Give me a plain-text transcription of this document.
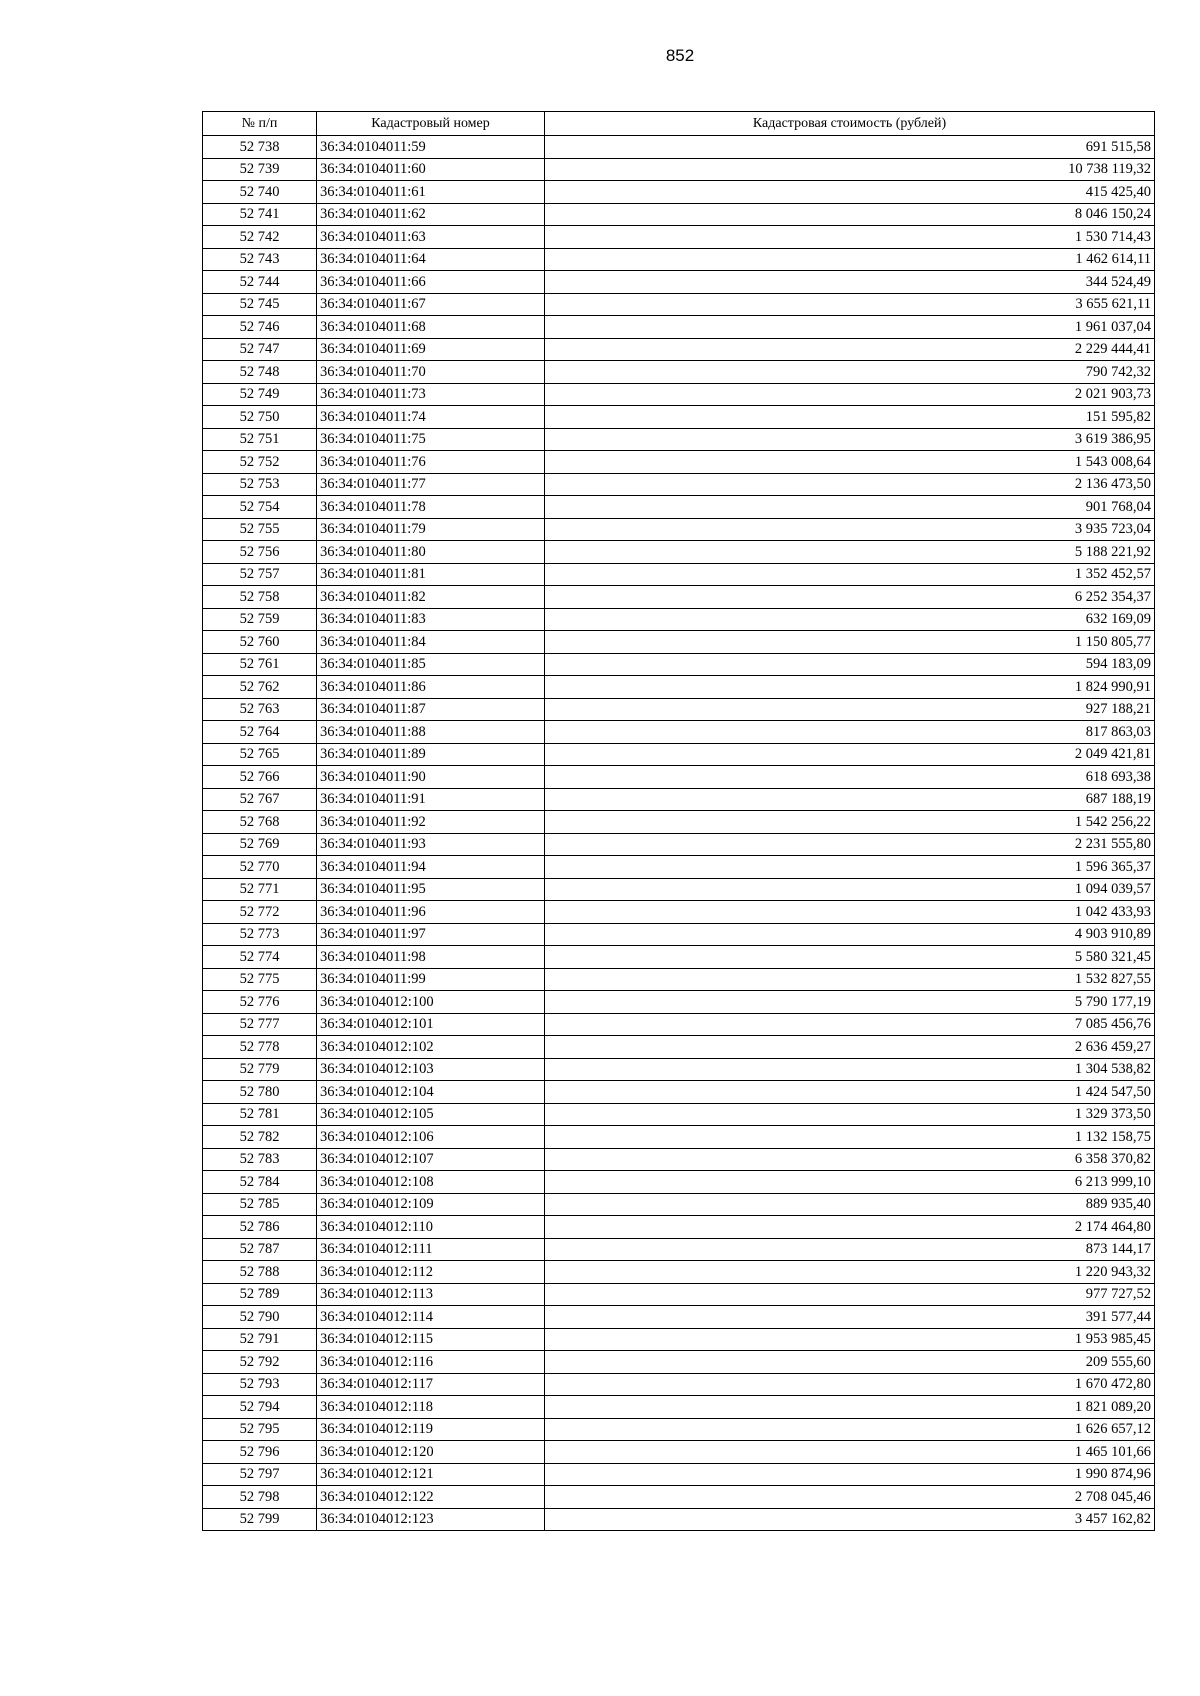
852
№ п/п	Кадастровый номер	Кадастровая стоимость (рублей)
52 738	36:34:0104011:59	691 515,58
52 739	36:34:0104011:60	10 738 119,32
52 740	36:34:0104011:61	415 425,40
52 741	36:34:0104011:62	8 046 150,24
52 742	36:34:0104011:63	1 530 714,43
52 743	36:34:0104011:64	1 462 614,11
52 744	36:34:0104011:66	344 524,49
52 745	36:34:0104011:67	3 655 621,11
52 746	36:34:0104011:68	1 961 037,04
52 747	36:34:0104011:69	2 229 444,41
52 748	36:34:0104011:70	790 742,32
52 749	36:34:0104011:73	2 021 903,73
52 750	36:34:0104011:74	151 595,82
52 751	36:34:0104011:75	3 619 386,95
52 752	36:34:0104011:76	1 543 008,64
52 753	36:34:0104011:77	2 136 473,50
52 754	36:34:0104011:78	901 768,04
52 755	36:34:0104011:79	3 935 723,04
52 756	36:34:0104011:80	5 188 221,92
52 757	36:34:0104011:81	1 352 452,57
52 758	36:34:0104011:82	6 252 354,37
52 759	36:34:0104011:83	632 169,09
52 760	36:34:0104011:84	1 150 805,77
52 761	36:34:0104011:85	594 183,09
52 762	36:34:0104011:86	1 824 990,91
52 763	36:34:0104011:87	927 188,21
52 764	36:34:0104011:88	817 863,03
52 765	36:34:0104011:89	2 049 421,81
52 766	36:34:0104011:90	618 693,38
52 767	36:34:0104011:91	687 188,19
52 768	36:34:0104011:92	1 542 256,22
52 769	36:34:0104011:93	2 231 555,80
52 770	36:34:0104011:94	1 596 365,37
52 771	36:34:0104011:95	1 094 039,57
52 772	36:34:0104011:96	1 042 433,93
52 773	36:34:0104011:97	4 903 910,89
52 774	36:34:0104011:98	5 580 321,45
52 775	36:34:0104011:99	1 532 827,55
52 776	36:34:0104012:100	5 790 177,19
52 777	36:34:0104012:101	7 085 456,76
52 778	36:34:0104012:102	2 636 459,27
52 779	36:34:0104012:103	1 304 538,82
52 780	36:34:0104012:104	1 424 547,50
52 781	36:34:0104012:105	1 329 373,50
52 782	36:34:0104012:106	1 132 158,75
52 783	36:34:0104012:107	6 358 370,82
52 784	36:34:0104012:108	6 213 999,10
52 785	36:34:0104012:109	889 935,40
52 786	36:34:0104012:110	2 174 464,80
52 787	36:34:0104012:111	873 144,17
52 788	36:34:0104012:112	1 220 943,32
52 789	36:34:0104012:113	977 727,52
52 790	36:34:0104012:114	391 577,44
52 791	36:34:0104012:115	1 953 985,45
52 792	36:34:0104012:116	209 555,60
52 793	36:34:0104012:117	1 670 472,80
52 794	36:34:0104012:118	1 821 089,20
52 795	36:34:0104012:119	1 626 657,12
52 796	36:34:0104012:120	1 465 101,66
52 797	36:34:0104012:121	1 990 874,96
52 798	36:34:0104012:122	2 708 045,46
52 799	36:34:0104012:123	3 457 162,82
